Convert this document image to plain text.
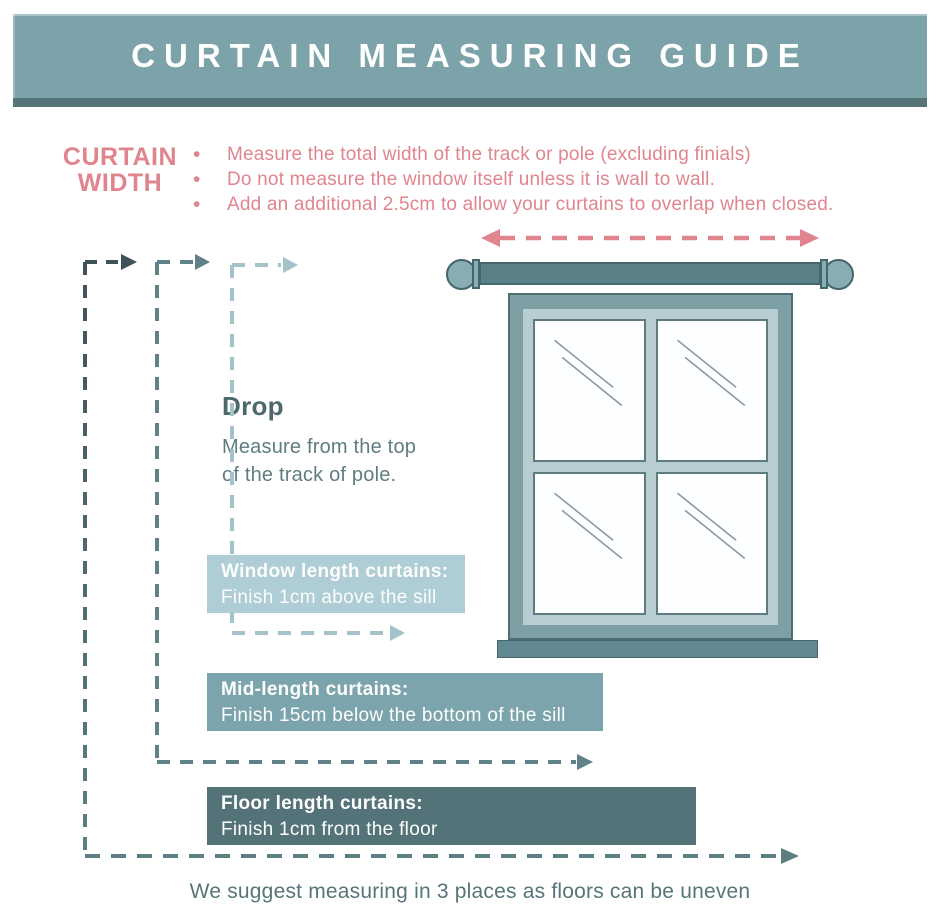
CURTAIN MEASURING GUIDE
CURTAIN
WIDTH
•	Measure the total width of the track or pole (excluding finials)
•	Do not measure the window itself unless it is wall to wall.
•	Add an additional 2.5cm to allow your curtains to overlap when closed.
Drop
Measure from the top
of the track of pole.
Window length curtains:
Finish 1cm above the sill
Mid-length curtains:
Finish 15cm below the bottom of the sill
Floor length curtains:
Finish 1cm from the floor
We suggest measuring in 3 places as floors can be uneven
